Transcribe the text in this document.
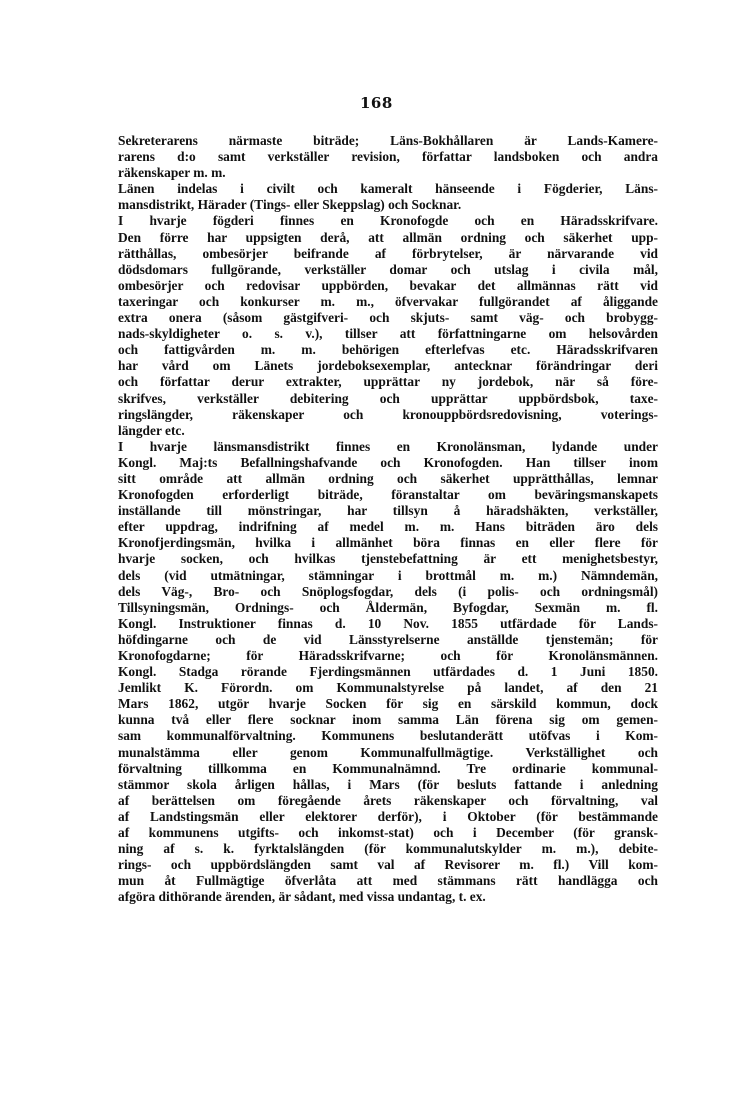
168
Sekreterarens närmaste biträde; Läns-Bokhållaren är Lands-Kamere-
rarens d:o samt verkställer revision, författar landsboken och andra
räkenskaper m. m.
Länen indelas i civilt och kameralt hänseende i Fögderier, Läns-
mansdistrikt, Härader (Tings- eller Skeppslag) och Socknar.
I hvarje fögderi finnes en Kronofogde och en Häradsskrifvare.
Den förre har uppsigten derå, att allmän ordning och säkerhet upp-
rätthållas, ombesörjer beifrande af förbrytelser, är närvarande vid
dödsdomars fullgörande, verkställer domar och utslag i civila mål,
ombesörjer och redovisar uppbörden, bevakar det allmännas rätt vid
taxeringar och konkurser m. m., öfvervakar fullgörandet af åliggande
extra onera (såsom gästgifveri- och skjuts- samt väg- och brobygg-
nads-skyldigheter o. s. v.), tillser att författningarne om helsovården
och fattigvården m. m. behörigen efterlefvas etc. Häradsskrifvaren
har vård om Länets jordeboksexemplar, antecknar förändringar deri
och författar derur extrakter, upprättar ny jordebok, när så före-
skrifves, verkställer debitering och upprättar uppbördsbok, taxe-
ringslängder, räkenskaper och kronouppbördsredovisning, voterings-
längder etc.
I hvarje länsmansdistrikt finnes en Kronolänsman, lydande under
Kongl. Maj:ts Befallningshafvande och Kronofogden. Han tillser inom
sitt område att allmän ordning och säkerhet upprätthållas, lemnar
Kronofogden erforderligt biträde, föranstaltar om beväringsmanskapets
inställande till mönstringar, har tillsyn å häradshäkten, verkställer,
efter uppdrag, indrifning af medel m. m. Hans biträden äro dels
Kronofjerdingsmän, hvilka i allmänhet böra finnas en eller flere för
hvarje socken, och hvilkas tjenstebefattning är ett menighetsbestyr,
dels (vid utmätningar, stämningar i brottmål m. m.) Nämndemän,
dels Väg-, Bro- och Snöplogsfogdar, dels (i polis- och ordningsmål)
Tillsyningsmän, Ordnings- och Åldermän, Byfogdar, Sexmän m. fl.
Kongl. Instruktioner finnas d. 10 Nov. 1855 utfärdade för Lands-
höfdingarne och de vid Länsstyrelserne anställde tjenstemän; för
Kronofogdarne; för Häradsskrifvarne; och för Kronolänsmännen.
Kongl. Stadga rörande Fjerdingsmännen utfärdades d. 1 Juni 1850.
Jemlikt K. Förordn. om Kommunalstyrelse på landet, af den 21
Mars 1862, utgör hvarje Socken för sig en särskild kommun, dock
kunna två eller flere socknar inom samma Län förena sig om gemen-
sam kommunalförvaltning. Kommunens beslutanderätt utöfvas i Kom-
munalstämma eller genom Kommunalfullmägtige. Verkställighet och
förvaltning tillkomma en Kommunalnämnd. Tre ordinarie kommunal-
stämmor skola årligen hållas, i Mars (för besluts fattande i anledning
af berättelsen om föregående årets räkenskaper och förvaltning, val
af Landstingsmän eller elektorer derför), i Oktober (för bestämmande
af kommunens utgifts- och inkomst-stat) och i December (för gransk-
ning af s. k. fyrktalslängden (för kommunalutskylder m. m.), debite-
rings- och uppbördslängden samt val af Revisorer m. fl.) Vill kom-
mun åt Fullmägtige öfverlåta att med stämmans rätt handlägga och
afgöra dithörande ärenden, är sådant, med vissa undantag, t. ex.
